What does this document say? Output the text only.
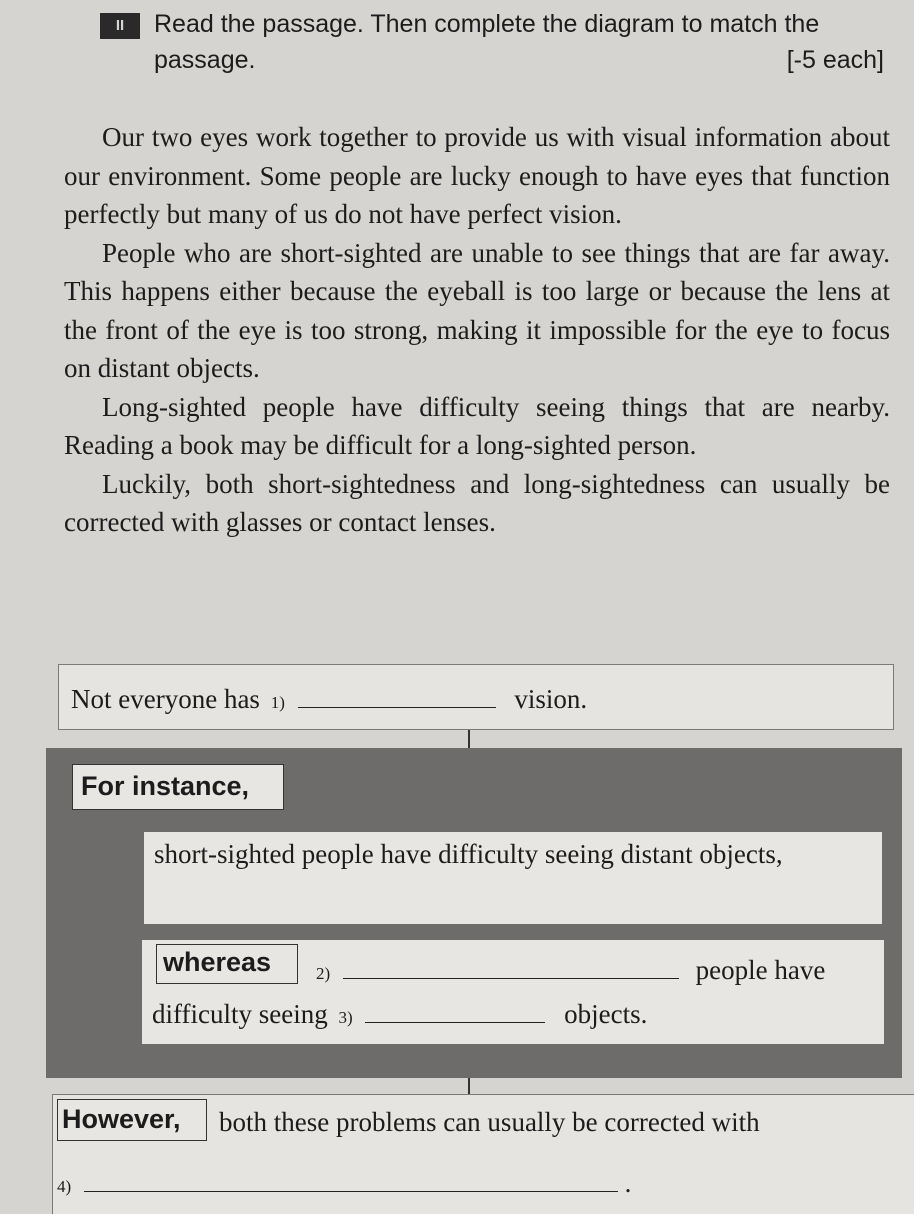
II	Read the passage. Then complete the diagram to match the passage.	[-5 each]

Our two eyes work together to provide us with visual information about our environment. Some people are lucky enough to have eyes that function perfectly but many of us do not have perfect vision.

People who are short-sighted are unable to see things that are far away. This happens either because the eyeball is too large or because the lens at the front of the eye is too strong, making it impossible for the eye to focus on distant objects.

Long-sighted people have difficulty seeing things that are nearby. Reading a book may be difficult for a long-sighted person.

Luckily, both short-sightedness and long-sightedness can usually be corrected with glasses or contact lenses.

Not everyone has 1)	vision.
For instance,

short-sighted people have difficulty seeing distant objects,

whereas	2)	people have
difficulty seeing 3)	objects.
However,	both these problems can usually be corrected with
4)	.
